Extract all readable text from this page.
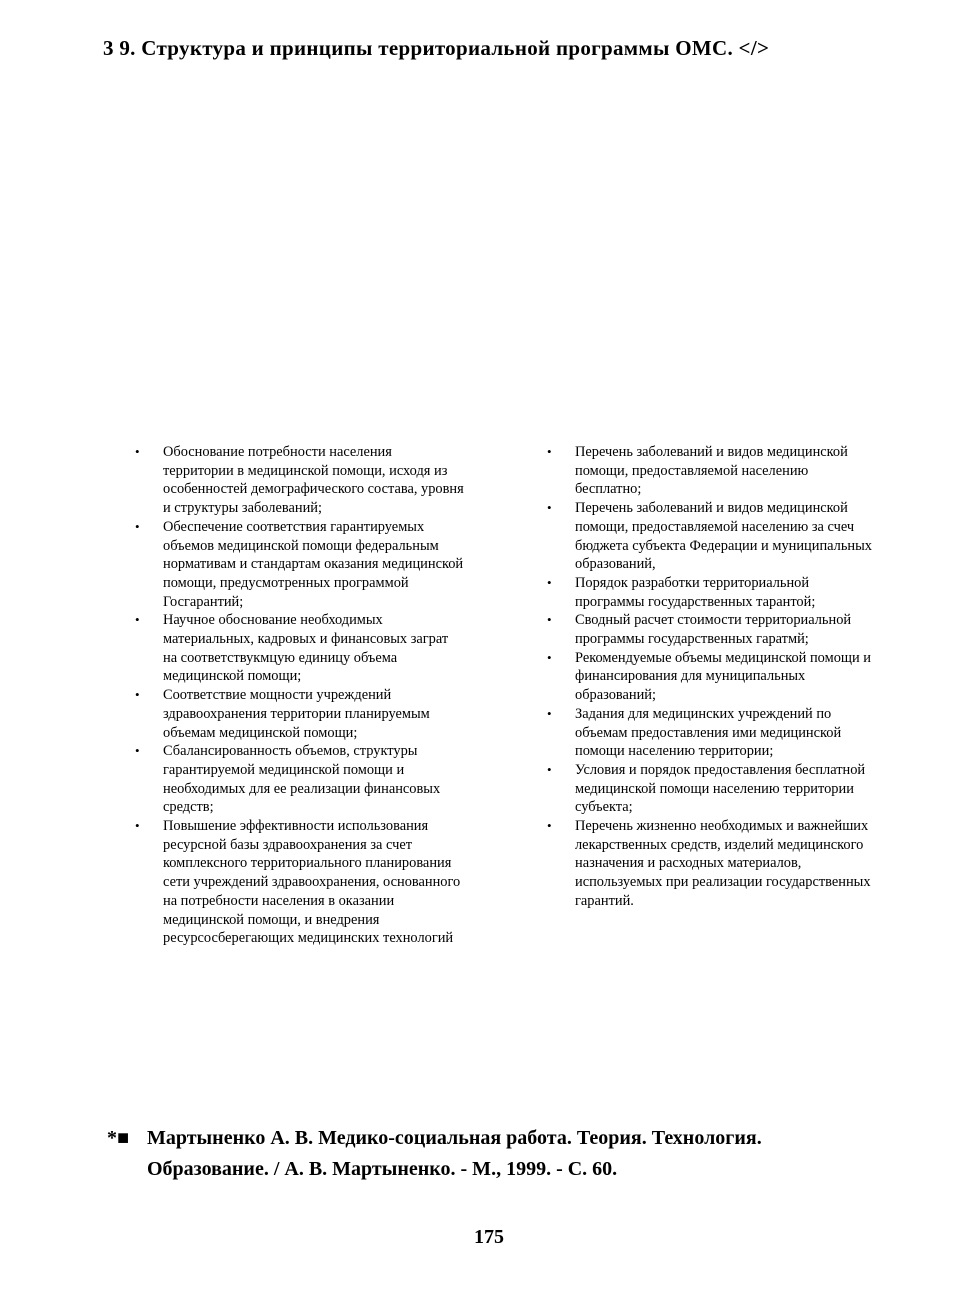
3 9. Структура и принципы территориальной программы ОМС. </>
•	Обоснование потребности населения территории в медицинской помощи, исходя из особенностей демографического состава, уровня и структуры заболеваний;
•	Обеспечение соответствия гарантируемых объемов медицинской помощи федеральным нормативам и стандартам оказания медицинской помощи, предусмотренных программой Госгарантий;
•	Научное обоснование необходимых материальных, кадровых и финансовых заграт на соответствукмцую единицу объема медицинской помощи;
•	Соответствие мощности учреждений здравоохранения территории планируемым объемам медицинской помощи;
•	Сбалансированность объемов, структуры гарантируемой медицинской помощи и необходимых для ее реализации финансовых средств;
•	Повышение эффективности использования ресурсной базы здравоохранения за счет комплексного территориального планирования сети учреждений здравоохранения, основанного на потребности населения в оказании медицинской помощи, и внедрения ресурсосберегающих медицинских технологий
•	Перечень заболеваний и видов медицинской помощи, предоставляемой населению бесплатно;
•	Перечень заболеваний и видов медицинской помощи, предоставляемой населению за счеч бюджета субъекта Федерации и муниципальных образований,
•	Порядок разработки территориальной программы государственных тарантой;
•	Сводный расчет стоимости территориальной программы государственных гаратмй;
•	Рекомендуемые объемы медицинской помощи и финансирования для муниципальных образований;
•	Задания для медицинских учреждений по объемам предоставления ими медицинской помощи населению территории;
•	Условия и порядок предоставления бесплатной медицинской помощи населению территории субъекта;
•	Перечень жизненно необходимых и важнейших лекарственных средств, изделий медицинского назначения и расходных материалов, используемых при реализации государственных гарантий.
*■ Мартыненко А. В. Медико-социальная работа. Теория. Технология.
Образование. / А. В. Мартыненко. - М., 1999. - С. 60.
175
